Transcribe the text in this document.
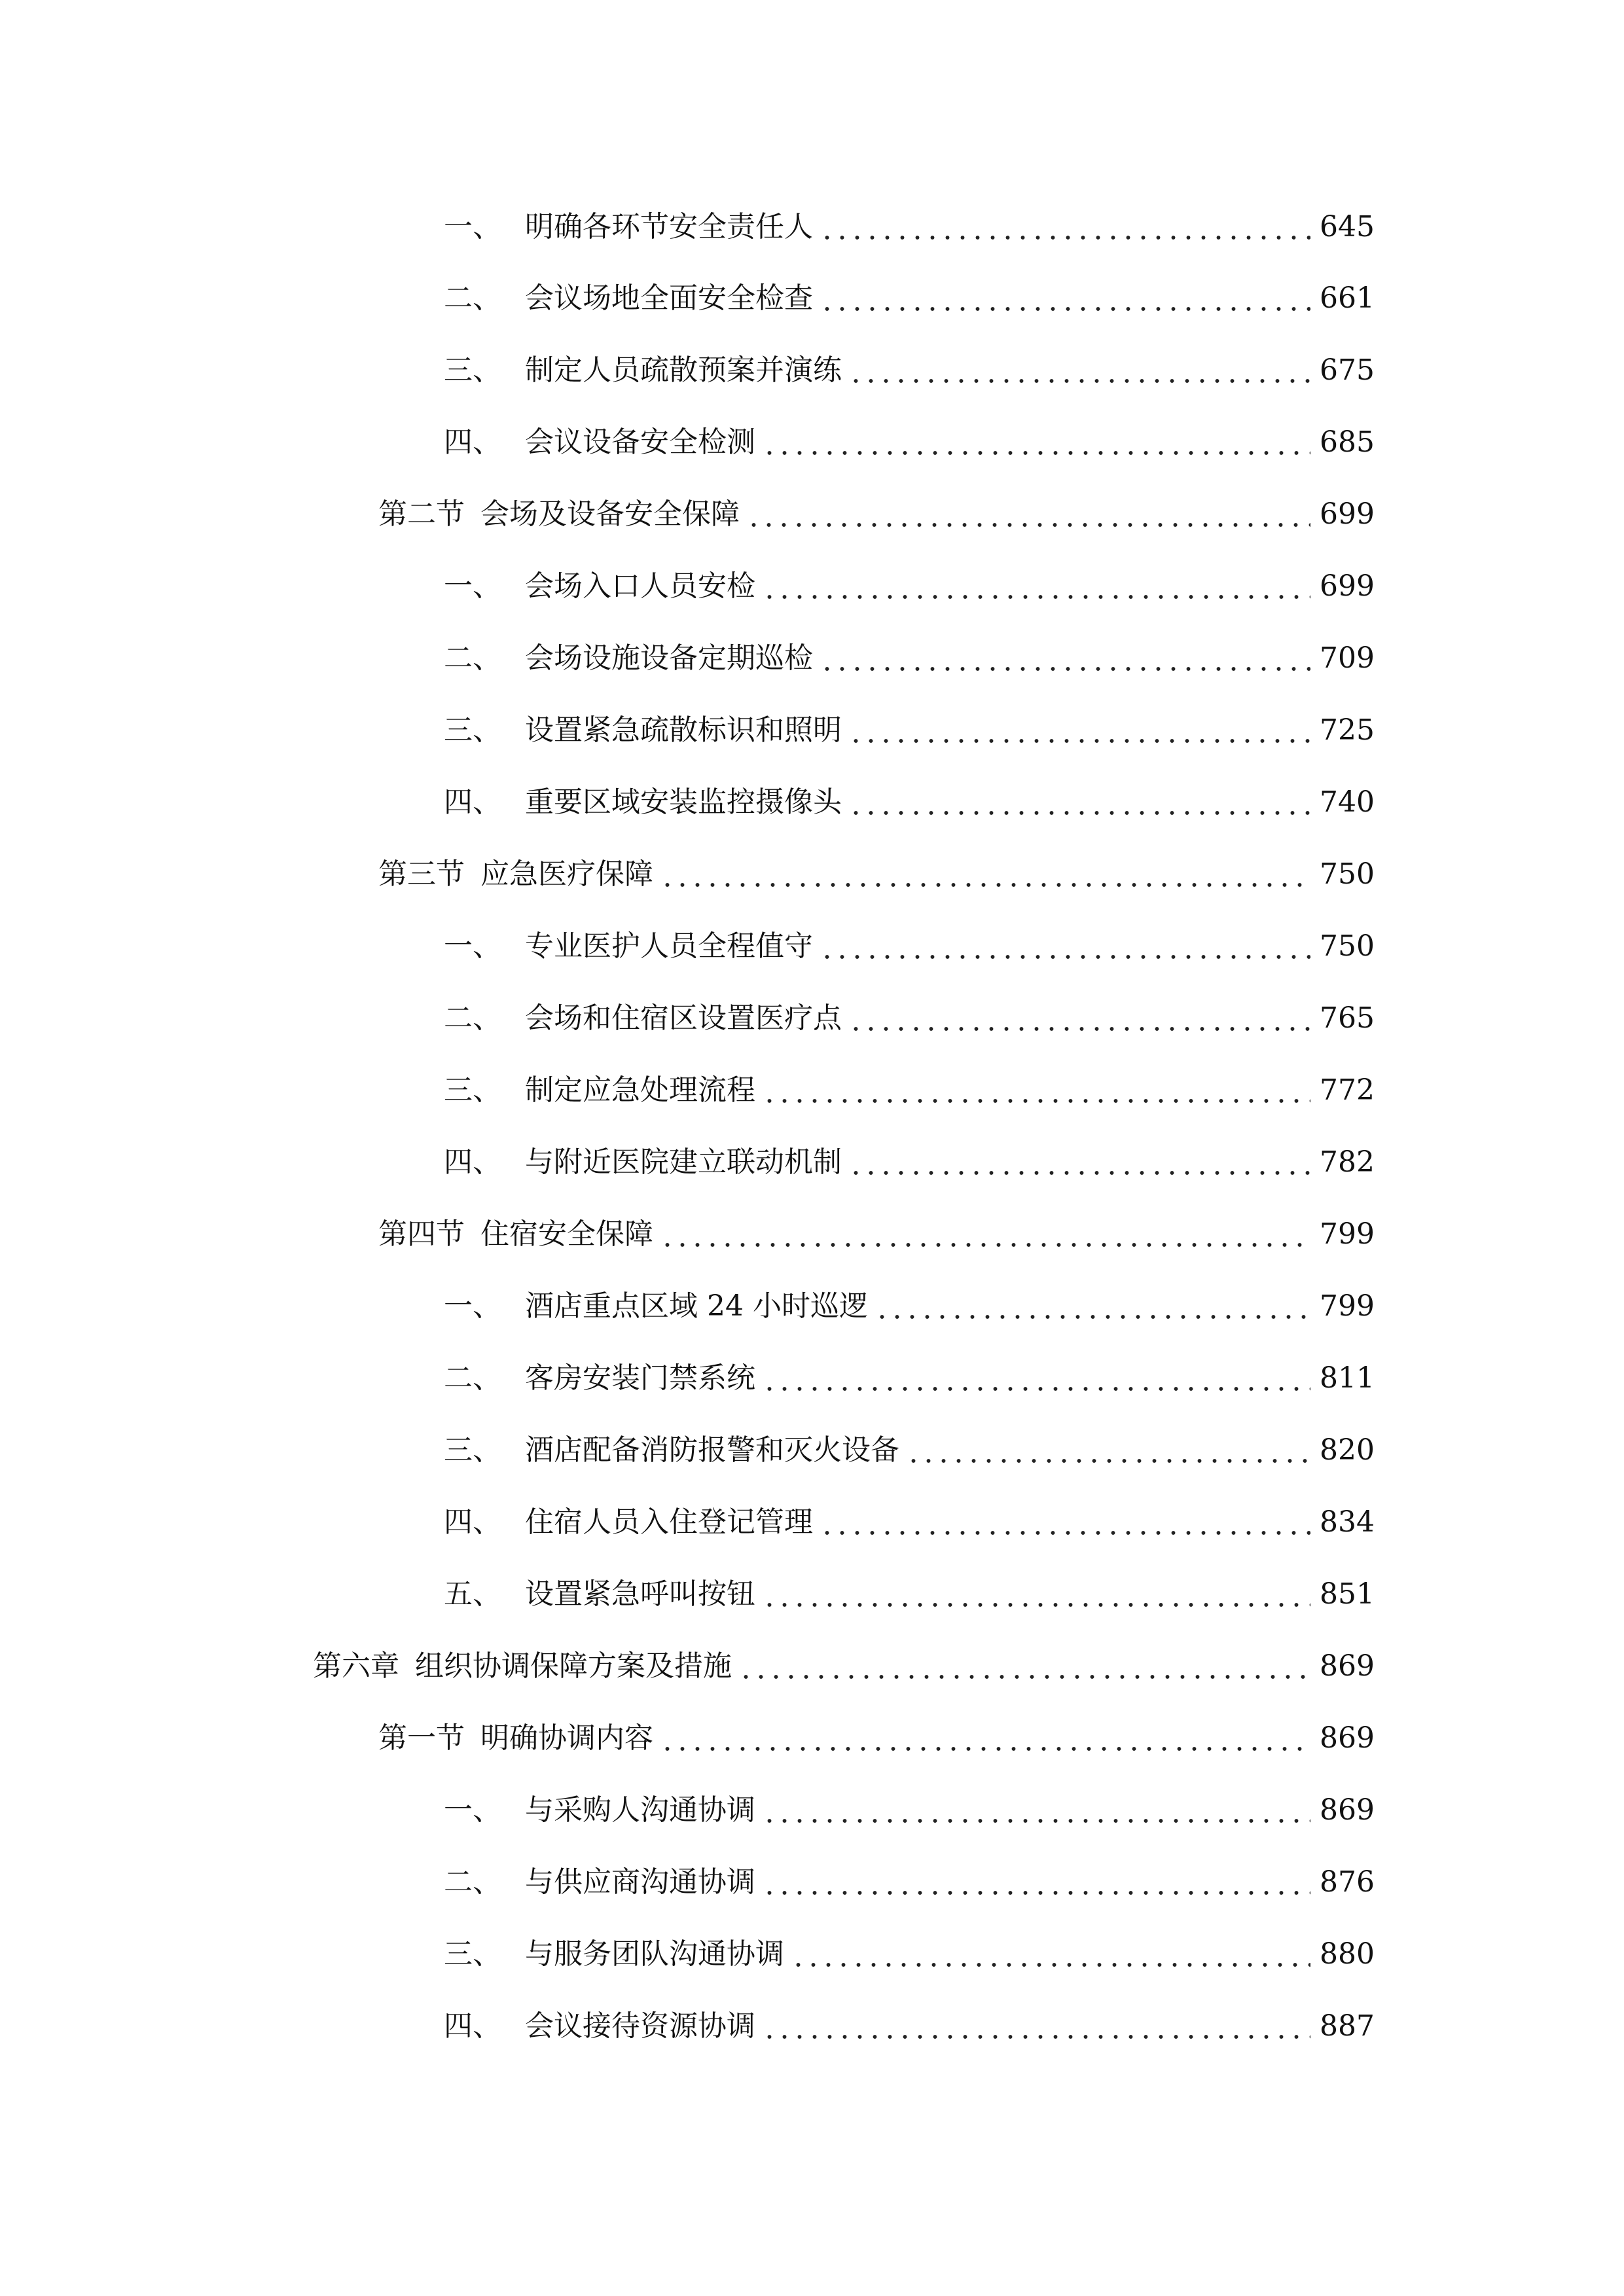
一、 明确各环节安全责任人	645
二、 会议场地全面安全检查	661
三、 制定人员疏散预案并演练	675
四、 会议设备安全检测	685
第二节 会场及设备安全保障	699
一、 会场入口人员安检	699
二、 会场设施设备定期巡检	709
三、 设置紧急疏散标识和照明	725
四、 重要区域安装监控摄像头	740
第三节 应急医疗保障	750
一、 专业医护人员全程值守	750
二、 会场和住宿区设置医疗点	765
三、 制定应急处理流程	772
四、 与附近医院建立联动机制	782
第四节 住宿安全保障	799
一、 酒店重点区域 24 小时巡逻	799
二、 客房安装门禁系统	811
三、 酒店配备消防报警和灭火设备	820
四、 住宿人员入住登记管理	834
五、 设置紧急呼叫按钮	851
第六章 组织协调保障方案及措施	869
第一节 明确协调内容	869
一、 与采购人沟通协调	869
二、 与供应商沟通协调	876
三、 与服务团队沟通协调	880
四、 会议接待资源协调	887
